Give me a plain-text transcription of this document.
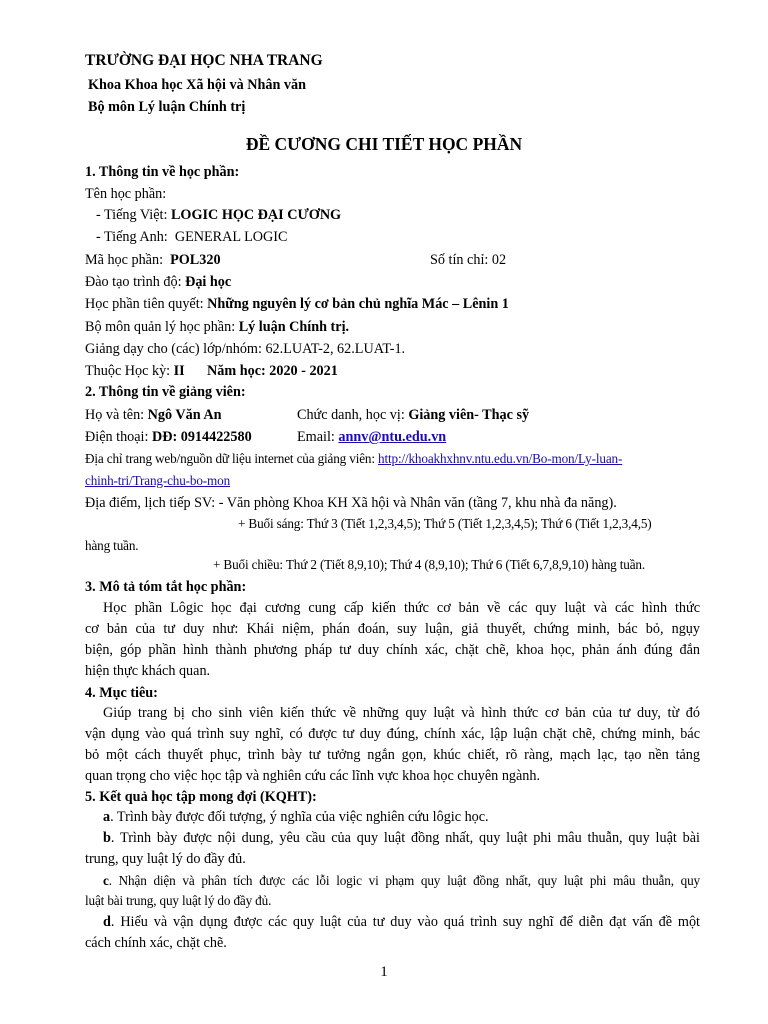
TRƯỜNG ĐẠI HỌC NHA TRANG
Khoa Khoa học Xã hội và Nhân văn
Bộ môn Lý luận Chính trị
ĐỀ CƯƠNG CHI TIẾT HỌC PHẦN
1. Thông tin về học phần:
Tên học phần:
- Tiếng Việt: LOGIC HỌC ĐẠI CƯƠNG
- Tiếng Anh: GENERAL LOGIC
Mã học phần: POL320	Số tín chỉ: 02
Đào tạo trình độ: Đại học
Học phần tiên quyết: Những nguyên lý cơ bản chủ nghĩa Mác – Lênin 1
Bộ môn quản lý học phần: Lý luận Chính trị.
Giảng dạy cho (các) lớp/nhóm: 62.LUAT-2, 62.LUAT-1.
Thuộc Học kỳ: II Năm học: 2020 - 2021
2. Thông tin về giảng viên:
Họ và tên: Ngô Văn An	Chức danh, học vị: Giảng viên- Thạc sỹ
Điện thoại: DĐ: 0914422580	Email: annv@ntu.edu.vn
Địa chỉ trang web/nguồn dữ liệu internet của giảng viên: http://khoakhxhnv.ntu.edu.vn/Bo-mon/Ly-luan-
chinh-tri/Trang-chu-bo-mon
Địa điểm, lịch tiếp SV: - Văn phòng Khoa KH Xã hội và Nhân văn (tầng 7, khu nhà đa năng).
+ Buổi sáng: Thứ 3 (Tiết 1,2,3,4,5); Thứ 5 (Tiết 1,2,3,4,5); Thứ 6 (Tiết 1,2,3,4,5)
hàng tuần.
+ Buổi chiều: Thứ 2 (Tiết 8,9,10); Thứ 4 (8,9,10); Thứ 6 (Tiết 6,7,8,9,10) hàng tuần.
3. Mô tả tóm tắt học phần:
Học phần Lôgic học đại cương cung cấp kiến thức cơ bản về các quy luật và các hình thức
cơ bản của tư duy như: Khái niệm, phán đoán, suy luận, giả thuyết, chứng minh, bác bỏ, ngụy
biện, góp phần hình thành phương pháp tư duy chính xác, chặt chẽ, khoa học, phản ánh đúng đắn
hiện thực khách quan.
4. Mục tiêu:
Giúp trang bị cho sinh viên kiến thức về những quy luật và hình thức cơ bản của tư duy, từ đó
vận dụng vào quá trình suy nghĩ, có được tư duy đúng, chính xác, lập luận chặt chẽ, chứng minh, bác
bỏ một cách thuyết phục, trình bày tư tưởng ngắn gọn, khúc chiết, rõ ràng, mạch lạc, tạo nền tảng
quan trọng cho việc học tập và nghiên cứu các lĩnh vực khoa học chuyên ngành.
5. Kết quả học tập mong đợi (KQHT):
a. Trình bày được đối tượng, ý nghĩa của việc nghiên cứu lôgic học.
b. Trình bày được nội dung, yêu cầu của quy luật đồng nhất, quy luật phi mâu thuẫn, quy luật bài
trung, quy luật lý do đầy đủ.
c. Nhận diện và phân tích được các lỗi logic vi phạm quy luật đồng nhất, quy luật phi mâu thuẫn, quy
luật bài trung, quy luật lý do đầy đủ.
d. Hiểu và vận dụng được các quy luật của tư duy vào quá trình suy nghĩ để diễn đạt vấn đề một
cách chính xác, chặt chẽ.
1
